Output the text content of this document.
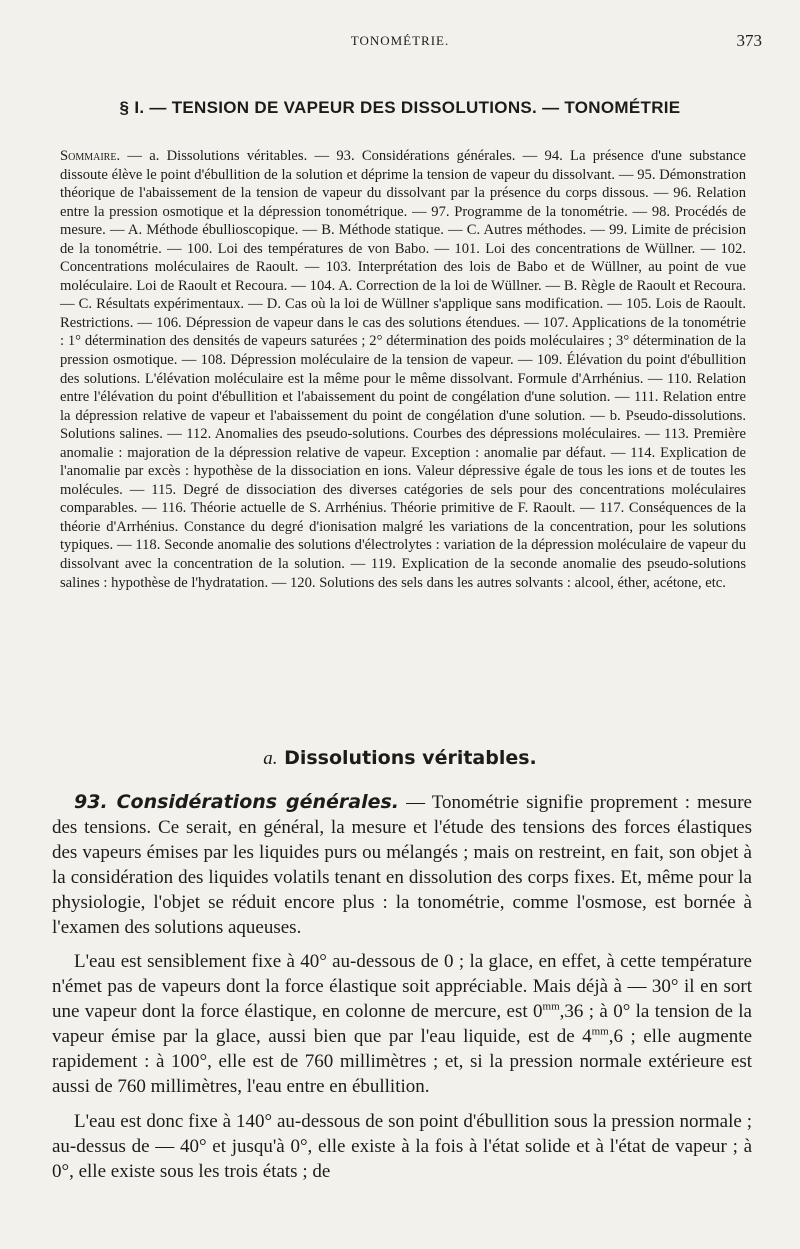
TONOMÉTRIE.	373
§ I. — TENSION DE VAPEUR DES DISSOLUTIONS. — TONOMÉTRIE

Sommaire. — a. Dissolutions véritables. — 93. Considérations générales. — 94. La présence d'une substance dissoute élève le point d'ébullition de la solution et déprime la tension de vapeur du dissolvant. — 95. Démonstration théorique de l'abaissement de la tension de vapeur du dissolvant par la présence du corps dissous. — 96. Relation entre la pression osmotique et la dépression tonométrique. — 97. Programme de la tonométrie. — 98. Procédés de mesure. — A. Méthode ébullioscopique. — B. Méthode statique. — C. Autres méthodes. — 99. Limite de précision de la tonométrie. — 100. Loi des températures de von Babo. — 101. Loi des concentrations de Wüllner. — 102. Concentrations moléculaires de Raoult. — 103. Interprétation des lois de Babo et de Wüllner, au point de vue moléculaire. Loi de Raoult et Recoura. — 104. A. Correction de la loi de Wüllner. — B. Règle de Raoult et Recoura. — C. Résultats expérimentaux. — D. Cas où la loi de Wüllner s'applique sans modification. — 105. Lois de Raoult. Restrictions. — 106. Dépression de vapeur dans le cas des solutions étendues. — 107. Applications de la tonométrie : 1° détermination des densités de vapeurs saturées ; 2° détermination des poids moléculaires ; 3° détermination de la pression osmotique. — 108. Dépression moléculaire de la tension de vapeur. — 109. Élévation du point d'ébullition des solutions. L'élévation moléculaire est la même pour le même dissolvant. Formule d'Arrhénius. — 110. Relation entre l'élévation du point d'ébullition et l'abaissement du point de congélation d'une solution. — 111. Relation entre la dépression relative de vapeur et l'abaissement du point de congélation d'une solution. — b. Pseudo-dissolutions. Solutions salines. — 112. Anomalies des pseudo-solutions. Courbes des dépressions moléculaires. — 113. Première anomalie : majoration de la dépression relative de vapeur. Exception : anomalie par défaut. — 114. Explication de l'anomalie par excès : hypothèse de la dissociation en ions. Valeur dépressive égale de tous les ions et de toutes les molécules. — 115. Degré de dissociation des diverses catégories de sels pour des concentrations moléculaires comparables. — 116. Théorie actuelle de S. Arrhénius. Théorie primitive de F. Raoult. — 117. Conséquences de la théorie d'Arrhénius. Constance du degré d'ionisation malgré les variations de la concentration, pour les solutions typiques. — 118. Seconde anomalie des solutions d'électrolytes : variation de la dépression moléculaire de vapeur du dissolvant avec la concentration de la solution. — 119. Explication de la seconde anomalie des pseudo-solutions salines : hypothèse de l'hydratation. — 120. Solutions des sels dans les autres solvants : alcool, éther, acétone, etc.

a. Dissolutions véritables.

93. Considérations générales. — Tonométrie signifie proprement : mesure des tensions. Ce serait, en général, la mesure et l'étude des tensions des forces élastiques des vapeurs émises par les liquides purs ou mélangés ; mais on restreint, en fait, son objet à la considération des liquides volatils tenant en dissolution des corps fixes. Et, même pour la physiologie, l'objet se réduit encore plus : la tonométrie, comme l'osmose, est bornée à l'examen des solutions aqueuses.

L'eau est sensiblement fixe à 40° au-dessous de 0 ; la glace, en effet, à cette température n'émet pas de vapeurs dont la force élastique soit appréciable. Mais déjà à — 30° il en sort une vapeur dont la force élastique, en colonne de mercure, est $0^{mm},36$ ; à 0° la tension de la vapeur émise par la glace, aussi bien que par l'eau liquide, est de $4^{mm},6$ ; elle augmente rapidement : à 100°, elle est de 760 millimètres ; et, si la pression normale extérieure est aussi de 760 millimètres, l'eau entre en ébullition.

L'eau est donc fixe à 140° au-dessous de son point d'ébullition sous la pression normale ; au-dessus de — 40° et jusqu'à 0°, elle existe à la fois à l'état solide et à l'état de vapeur ; à 0°, elle existe sous les trois états ; de
